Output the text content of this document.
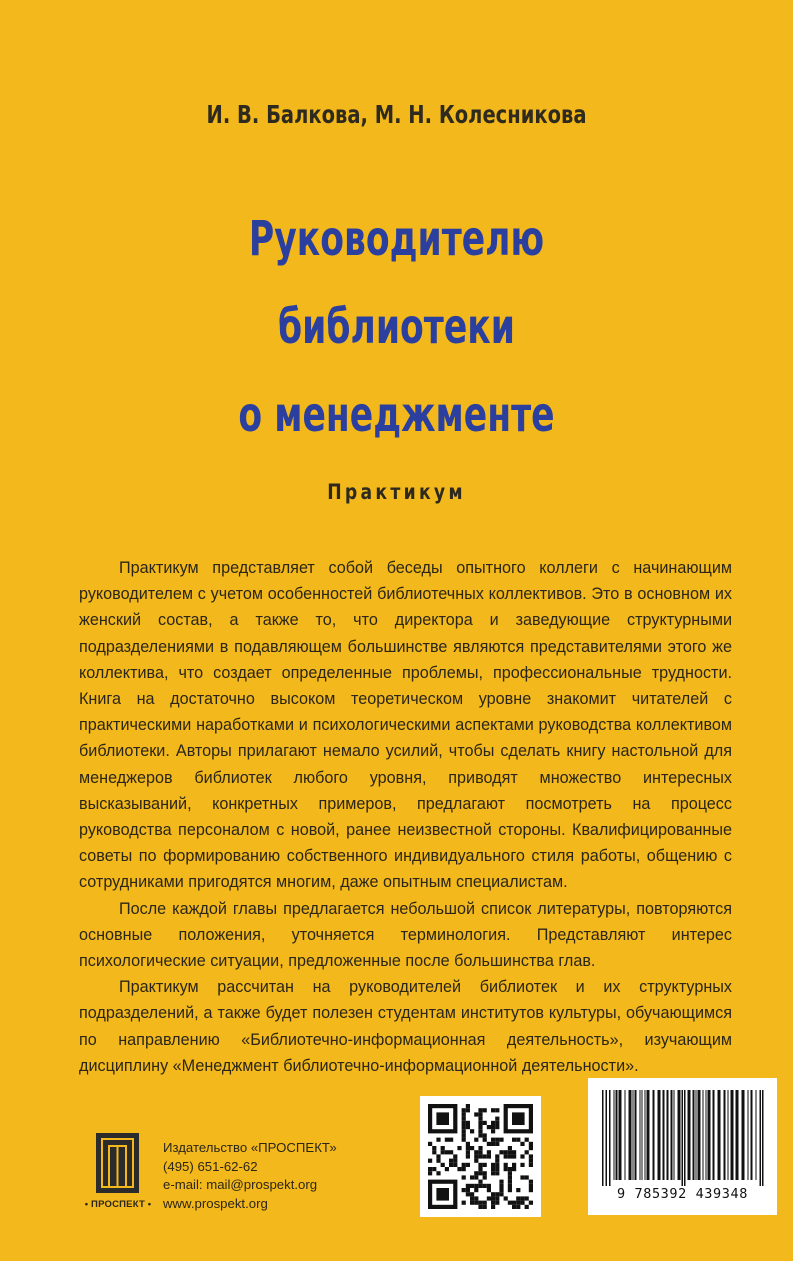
И. В. Балкова, М. Н. Колесникова
Руководителю
библиотеки
о менеджменте
Практикум

Практикум представляет собой беседы опытного коллеги с начинающим руководителем с учетом особенностей библиотечных коллективов. Это в основном их женский состав, а также то, что директора и заведующие структурными подразделениями в подавляющем большинстве являются представителями этого же коллектива, что создает определенные проблемы, профессиональные трудности. Книга на достаточно высоком теоретическом уровне знакомит читателей с практическими наработками и психологическими аспектами руководства коллективом библиотеки. Авторы прилагают немало усилий, чтобы сделать книгу настольной для менеджеров библиотек любого уровня, приводят множество интересных высказываний, конкретных примеров, предлагают посмотреть на процесс руководства персоналом с новой, ранее неизвестной стороны. Квалифицированные советы по формированию собственного индивидуального стиля работы, общению с сотрудниками пригодятся многим, даже опытным специалистам.

После каждой главы предлагается небольшой список литературы, повторяются основные положения, уточняется терминология. Представляют интерес психологические ситуации, предложенные после большинства глав.

Практикум рассчитан на руководителей библиотек и их структурных подразделений, а также будет полезен студентам институтов культуры, обучающимся по направлению «Библиотечно-информационная деятельность», изучающим дисциплину «Менеджмент библиотечно-информационной деятельности».

• ПРОСПЕКТ •
Издательство «ПРОСПЕКТ»
(495) 651-62-62
e-mail: mail@prospekt.org
www.prospekt.org
9 785392 439348
